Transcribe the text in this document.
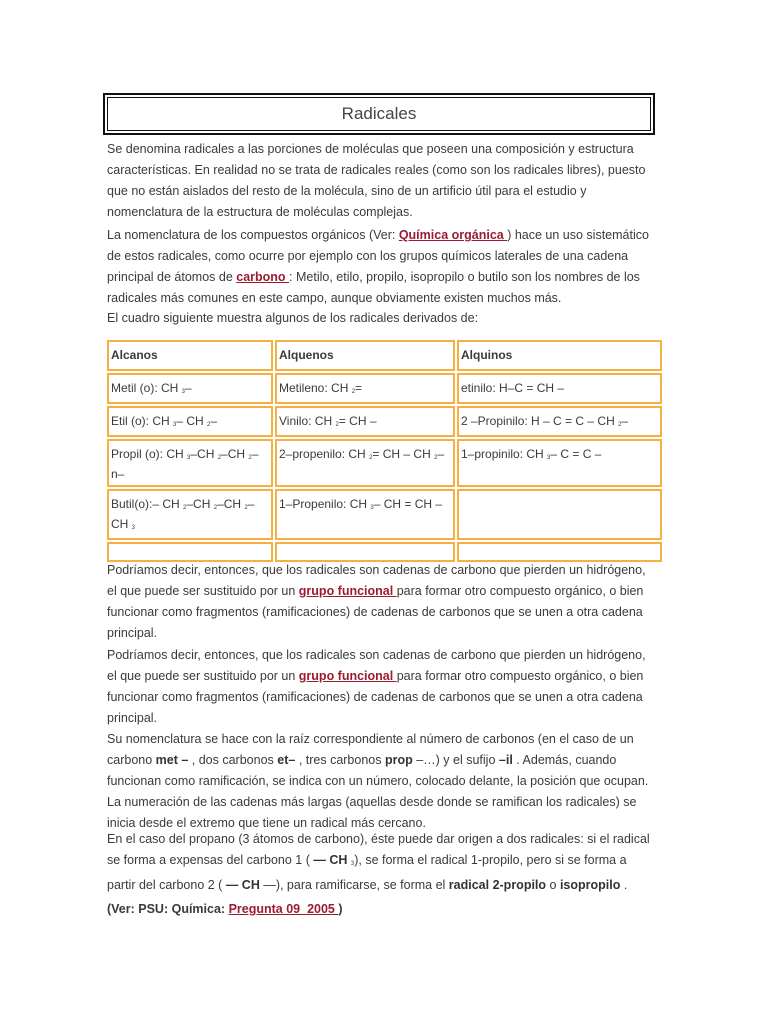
Radicales

Se denomina radicales a las porciones de moléculas que poseen una composición y estructura características. En realidad no se trata de radicales reales (como son los radicales libres), puesto que no están aislados del resto de la molécula, sino de un artificio útil para el estudio y nomenclatura de la estructura de moléculas complejas.

La nomenclatura de los compuestos orgánicos (Ver: Química orgánica ) hace un uso sistemático de estos radicales, como ocurre por ejemplo con los grupos químicos laterales de una cadena principal de átomos de carbono : Metilo, etilo, propilo, isopropilo o butilo son los nombres de los radicales más comunes en este campo, aunque obviamente existen muchos más.

El cuadro siguiente muestra algunos de los radicales derivados de:

Alcanos	Alquenos	Alquinos
Metil (o): CH $_3$–	Metileno: CH $_2$=	etinilo: H–C = CH –
Etil (o): CH $_3$– CH $_2$–	Vinilo: CH $_2$= CH –	2 –Propinilo: H – C = C – CH $_2$–
Propil (o): CH $_3$–CH $_2$–CH $_2$– n–	2–propenilo: CH $_2$= CH – CH $_2$–	1–propinilo: CH $_3$– C = C –
Butil(o):– CH $_2$–CH $_2$–CH $_2$– CH $_3$	1–Propenilo: CH $_3$– CH = CH –	

Podríamos decir, entonces, que los radicales son cadenas de carbono que pierden un hidrógeno, el que puede ser sustituido por un grupo funcional para formar otro compuesto orgánico, o bien funcionar como fragmentos (ramificaciones) de cadenas de carbonos que se unen a otra cadena principal.

Podríamos decir, entonces, que los radicales son cadenas de carbono que pierden un hidrógeno, el que puede ser sustituido por un grupo funcional para formar otro compuesto orgánico, o bien funcionar como fragmentos (ramificaciones) de cadenas de carbonos que se unen a otra cadena principal.

Su nomenclatura se hace con la raíz correspondiente al número de carbonos (en el caso de un carbono met – , dos carbonos et– , tres carbonos prop –…) y el sufijo –il . Además, cuando funcionan como ramificación, se indica con un número, colocado delante, la posición que ocupan. La numeración de las cadenas más largas (aquellas desde donde se ramifican los radicales) se inicia desde el extremo que tiene un radical más cercano.

En el caso del propano (3 átomos de carbono), éste puede dar origen a dos radicales: si el radical se forma a expensas del carbono 1 ( — CH $_3$), se forma el radical 1-propilo, pero si se forma a partir del carbono 2 ( — CH —), para ramificarse, se forma el radical 2-propilo o isopropilo .

(Ver: PSU: Química: Pregunta 09_2005 )
